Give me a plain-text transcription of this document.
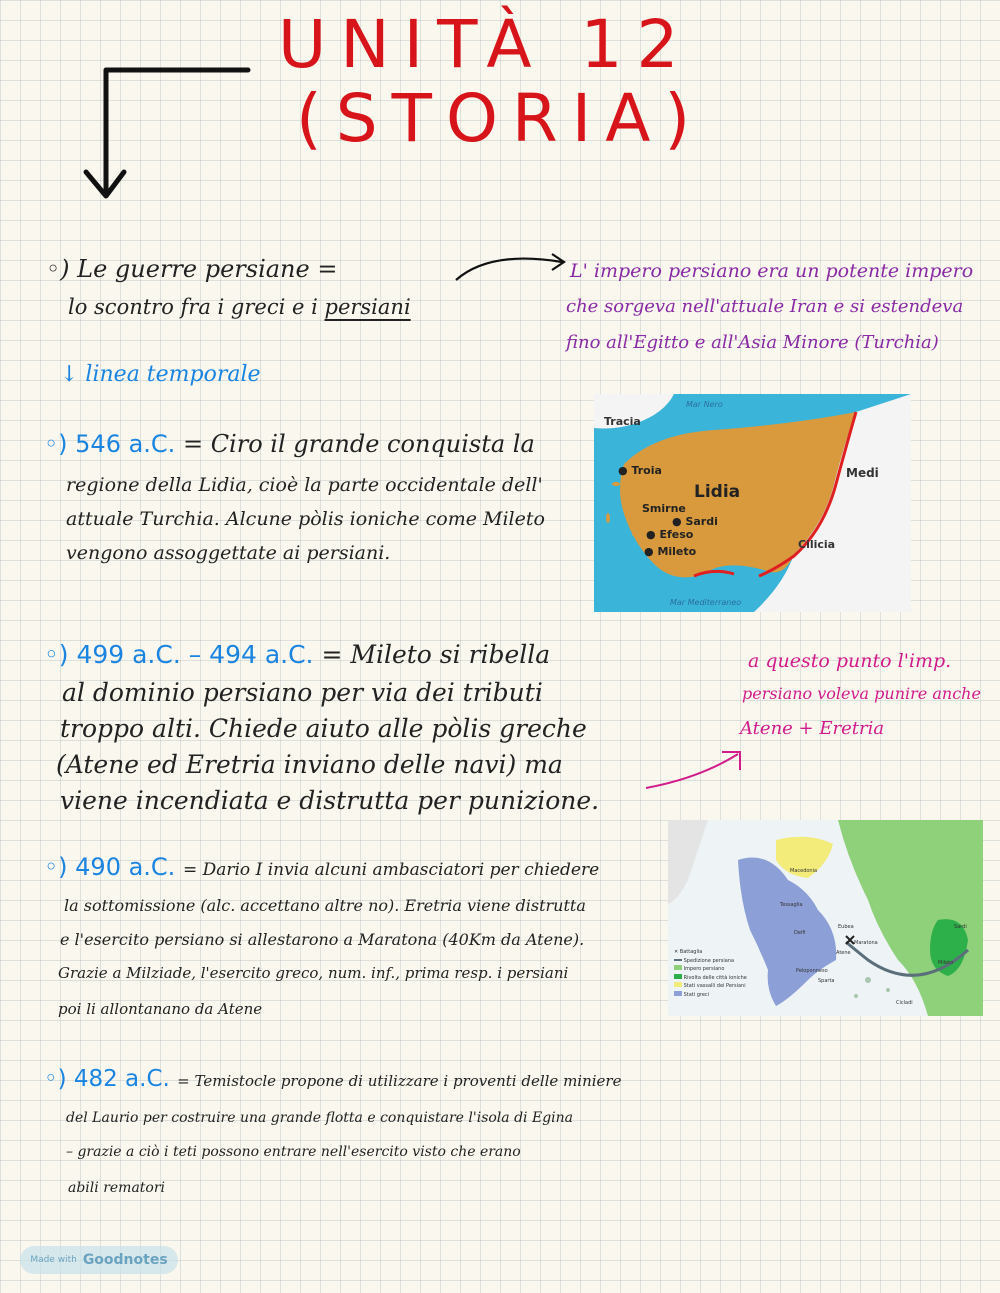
UNITÀ 12
(STORIA)
◦) Le guerre persiane =
lo scontro fra i greci e i persiani
L' impero persiano era un potente impero
che sorgeva nell'attuale Iran e si estendeva
fino all'Egitto e all'Asia Minore (Turchia)
↓ linea temporale
◦) 546 a.C. = Ciro il grande conquista la
regione della Lidia, cioè la parte occidentale dell'
attuale Turchia. Alcune pòlis ioniche come Mileto
vengono assoggettate ai persiani.
Mar Nero
Tracia
● Troia
Lidia
Smirne
● Sardi
● Efeso
● Mileto
Medi
Cilicia
Mar Mediterraneo
◦) 499 a.C. – 494 a.C. = Mileto si ribella
al dominio persiano per via dei tributi
troppo alti. Chiede aiuto alle pòlis greche
(Atene ed Eretria inviano delle navi) ma
viene incendiata e distrutta per punizione.
a questo punto l'imp.
persiano voleva punire anche
Atene + Eretria
◦) 490 a.C. = Dario I invia alcuni ambasciatori per chiedere
la sottomissione (alc. accettano altre no). Eretria viene distrutta
e l'esercito persiano si allestarono a Maratona (40Km da Atene).
Grazie a Milziade, l'esercito greco, num. inf., prima resp. i persiani
poi li allontanano da Atene
Macedonia
Tessaglia
Delfi
Eubea
Maratona
Atene
Peloponneso
Sparta
Sardi
Mileto
Cicladi
✕ Battaglia
Spedizione persiana
Impero persiano
Rivolta delle città ioniche
Stati vassalli dei Persiani
Stati greci
◦) 482 a.C. = Temistocle propone di utilizzare i proventi delle miniere
del Laurio per costruire una grande flotta e conquistare l'isola di Egina
– grazie a ciò i teti possono entrare nell'esercito visto che erano
abili rematori
Made with Goodnotes
